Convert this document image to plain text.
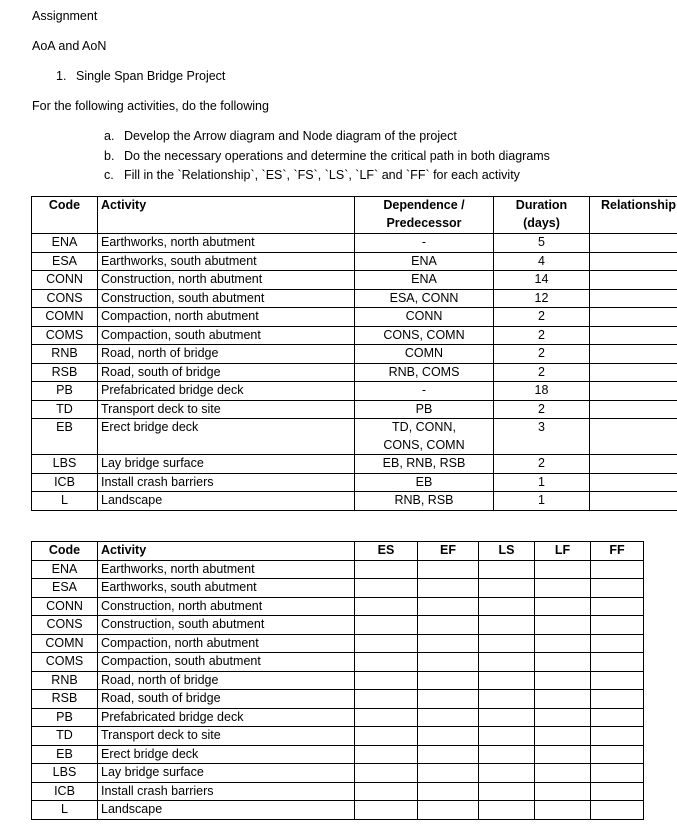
Assignment
AoA and AoN
1. Single Span Bridge Project
For the following activities, do the following
a. Develop the Arrow diagram and Node diagram of the project
b. Do the necessary operations and determine the critical path in both diagrams
c. Fill in the `Relationship`, `ES`, `FS`, `LS`, `LF` and `FF` for each activity
Code	Activity	Dependence / Predecessor	Duration (days)	Relationship
ENA	Earthworks, north abutment	-	5	
ESA	Earthworks, south abutment	ENA	4	
CONN	Construction, north abutment	ENA	14	
CONS	Construction, south abutment	ESA, CONN	12	
COMN	Compaction, north abutment	CONN	2	
COMS	Compaction, south abutment	CONS, COMN	2	
RNB	Road, north of bridge	COMN	2	
RSB	Road, south of bridge	RNB, COMS	2	
PB	Prefabricated bridge deck	-	18	
TD	Transport deck to site	PB	2	
EB	Erect bridge deck	TD, CONN, CONS, COMN	3	
LBS	Lay bridge surface	EB, RNB, RSB	2	
ICB	Install crash barriers	EB	1	
L	Landscape	RNB, RSB	1	
Code	Activity	ES	EF	LS	LF	FF
ENA	Earthworks, north abutment					
ESA	Earthworks, south abutment					
CONN	Construction, north abutment					
CONS	Construction, south abutment					
COMN	Compaction, north abutment					
COMS	Compaction, south abutment					
RNB	Road, north of bridge					
RSB	Road, south of bridge					
PB	Prefabricated bridge deck					
TD	Transport deck to site					
EB	Erect bridge deck					
LBS	Lay bridge surface					
ICB	Install crash barriers					
L	Landscape					
